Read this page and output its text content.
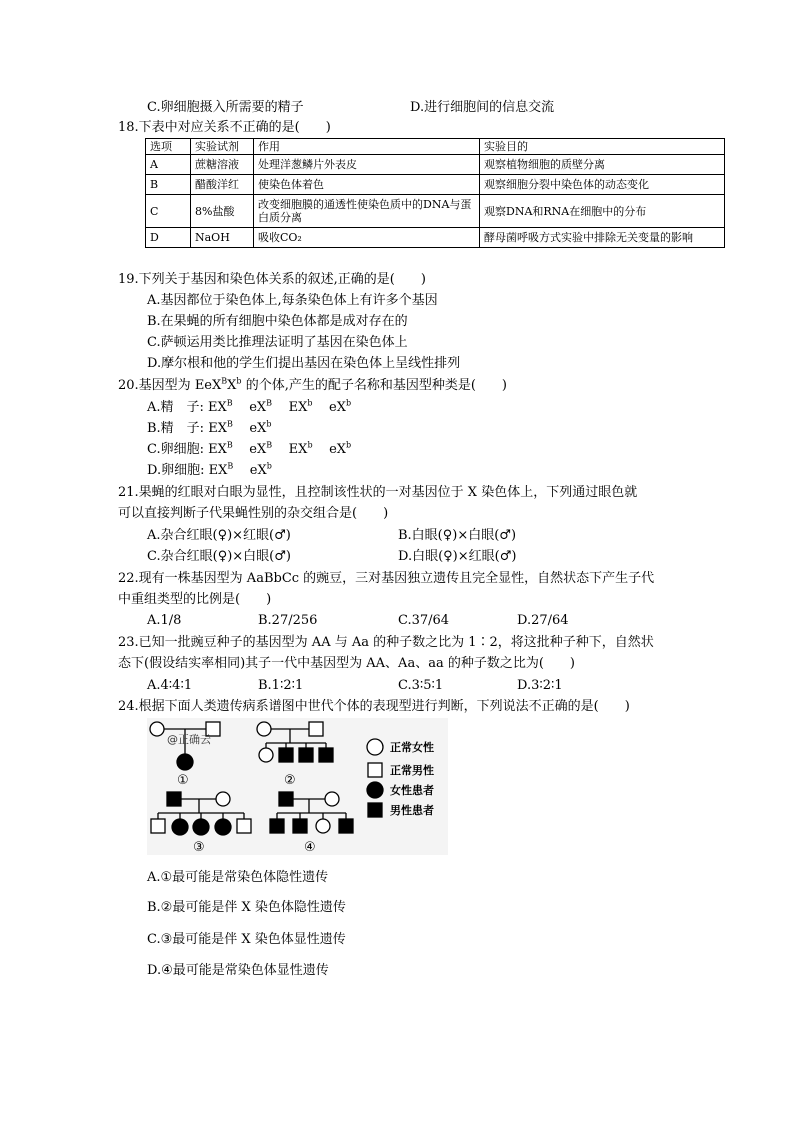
C.卵细胞摄入所需要的精子	D.进行细胞间的信息交流
18.下表中对应关系不正确的是(　　)
选项	实验试剂	作用	实验目的
A	蔗糖溶液	处理洋葱鳞片外表皮	观察植物细胞的质壁分离
B	醋酸洋红	使染色体着色	观察细胞分裂中染色体的动态变化
C	8%盐酸	改变细胞膜的通透性使染色质中的DNA与蛋白质分离	观察DNA和RNA在细胞中的分布
D	NaOH	吸收CO₂	酵母菌呼吸方式实验中排除无关变量的影响
19.下列关于基因和染色体关系的叙述,正确的是(　　)
A.基因都位于染色体上,每条染色体上有许多个基因
B.在果蝇的所有细胞中染色体都是成对存在的
C.萨顿运用类比推理法证明了基因在染色体上
D.摩尔根和他的学生们提出基因在染色体上呈线性排列
20.基因型为 $EeX^BX^b$ 的个体,产生的配子名称和基因型种类是(　　)
A.精　子: $EX^B$    $eX^B$    $EX^b$    $eX^b$
B.精　子: $EX^B$    $eX^b$
C.卵细胞: $EX^B$    $eX^B$    $EX^b$    $eX^b$
D.卵细胞: $EX^B$    $eX^b$
21.果蝇的红眼对白眼为显性，且控制该性状的一对基因位于 X 染色体上，下列通过眼色就
可以直接判断子代果蝇性别的杂交组合是(　　)
A.杂合红眼(♀)×红眼(♂)	B.白眼(♀)×白眼(♂)
C.杂合红眼(♀)×白眼(♂)	D.白眼(♀)×红眼(♂)
22.现有一株基因型为 AaBbCc 的豌豆，三对基因独立遗传且完全显性，自然状态下产生子代
中重组类型的比例是(　　)
A.1/8	B.27/256	C.37/64	D.27/64
23.已知一批豌豆种子的基因型为 AA 与 Aa 的种子数之比为 1∶2，将这批种子种下，自然状
态下(假设结实率相同)其子一代中基因型为 AA、Aa、aa 的种子数之比为(　　)
A.4∶4∶1	B.1∶2∶1	C.3∶5∶1	D.3∶2∶1
24.根据下面人类遗传病系谱图中世代个体的表现型进行判断，下列说法不正确的是(　　)
@正确云
①	②
③	④
正常女性
正常男性
女性患者
男性患者
A.①最可能是常染色体隐性遗传
B.②最可能是伴 X 染色体隐性遗传
C.③最可能是伴 X 染色体显性遗传
D.④最可能是常染色体显性遗传
